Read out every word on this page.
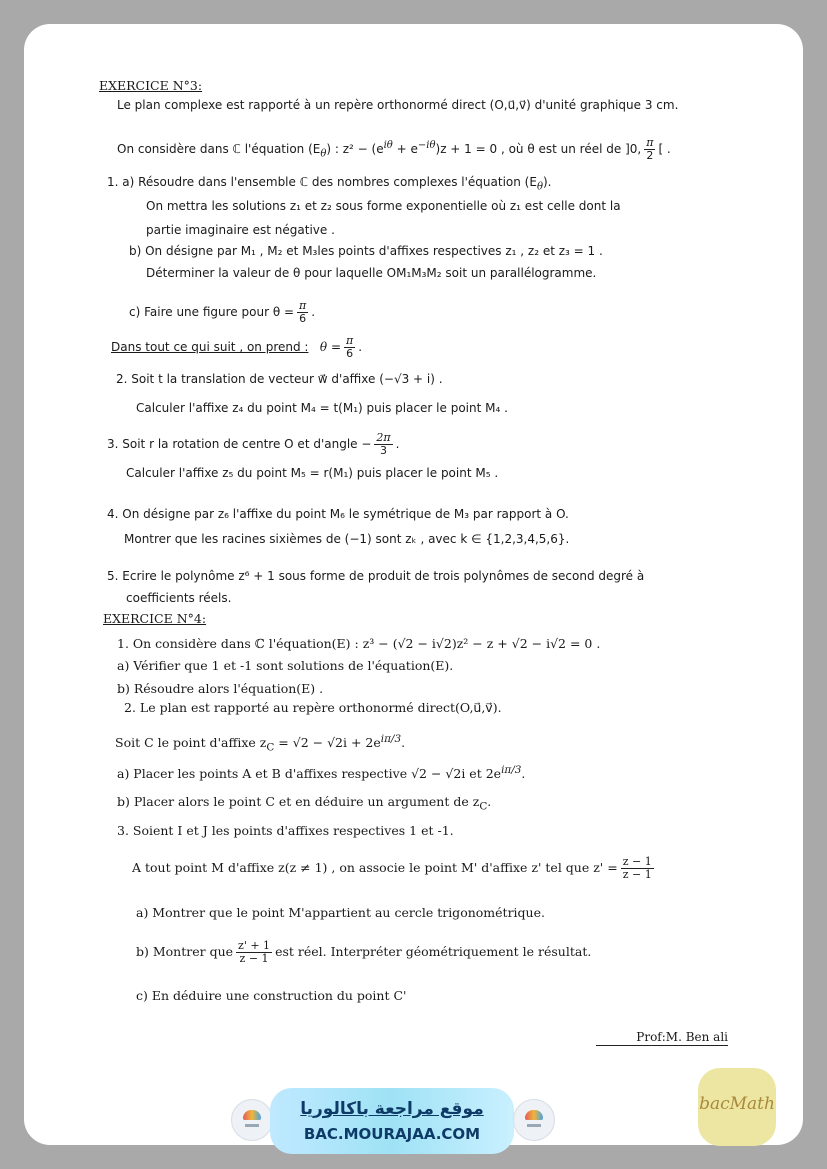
EXERCICE N°3:
Le plan complexe est rapporté à un repère orthonormé direct (O,u⃗,v⃗) d'unité graphique 3 cm.
On considère dans ℂ l'équation $(E_\theta)$ : $z^2 - (e^{i\theta} + e^{-i\theta})z + 1 = 0$ , où θ est un réel de ]0, $\frac{\pi}{2}$ [ .
1. a) Résoudre dans l'ensemble ℂ des nombres complexes l'équation $(E_\theta)$.
On mettra les solutions z₁ et z₂ sous forme exponentielle où z₁ est celle dont la
partie imaginaire est négative .
b) On désigne par M₁ , M₂ et M₃les points d'affixes respectives z₁ , z₂ et z₃ = 1 .
Déterminer la valeur de θ pour laquelle OM₁M₃M₂ soit un parallélogramme.
c) Faire une figure pour $\theta = \frac{\pi}{6}$ .
Dans tout ce qui suit , on prend : $\theta = \frac{\pi}{6}$ .
2. Soit t la translation de vecteur w⃗ d'affixe (−√3 + i) .
Calculer l'affixe z₄ du point M₄ = t(M₁) puis placer le point M₄ .
3. Soit r la rotation de centre O et d'angle − $\frac{2\pi}{3}$ .
Calculer l'affixe z₅ du point M₅ = r(M₁) puis placer le point M₅ .
4. On désigne par z₆ l'affixe du point M₆ le symétrique de M₃ par rapport à O.
Montrer que les racines sixièmes de (−1) sont zₖ , avec k ∈ {1,2,3,4,5,6}.
5. Ecrire le polynôme z⁶ + 1 sous forme de produit de trois polynômes de second degré à
coefficients réels.
EXERCICE N°4:
1. On considère dans ℂ l'équation(E) : z³ − (√2 − i√2)z² − z + √2 − i√2 = 0 .
a) Vérifier que 1 et -1 sont solutions de l'équation(E).
b) Résoudre alors l'équation(E) .
2. Le plan est rapporté au repère orthonormé direct(O,u⃗,v⃗).
Soit C le point d'affixe $z_C = √2 - √2i + 2e^{i\pi/3}$.
a) Placer les points A et B d'affixes respective √2 − √2i et $2e^{i\pi/3}$.
b) Placer alors le point C et en déduire un argument de $z_C$.
3. Soient I et J les points d'affixes respectives 1 et -1.
A tout point M d'affixe z(z ≠ 1) , on associe le point M' d'affixe z' tel que $z' = \frac{z - 1}{z - 1}$
a) Montrer que le point M'appartient au cercle trigonométrique.
b) Montrer que $\frac{z' + 1}{z - 1}$ est réel. Interpréter géométriquement le résultat.
c) En déduire une construction du point C'
Prof:M. Ben ali
موقع مراجعة باكالوريا
BAC.MOURAJAA.COM
bacMath
